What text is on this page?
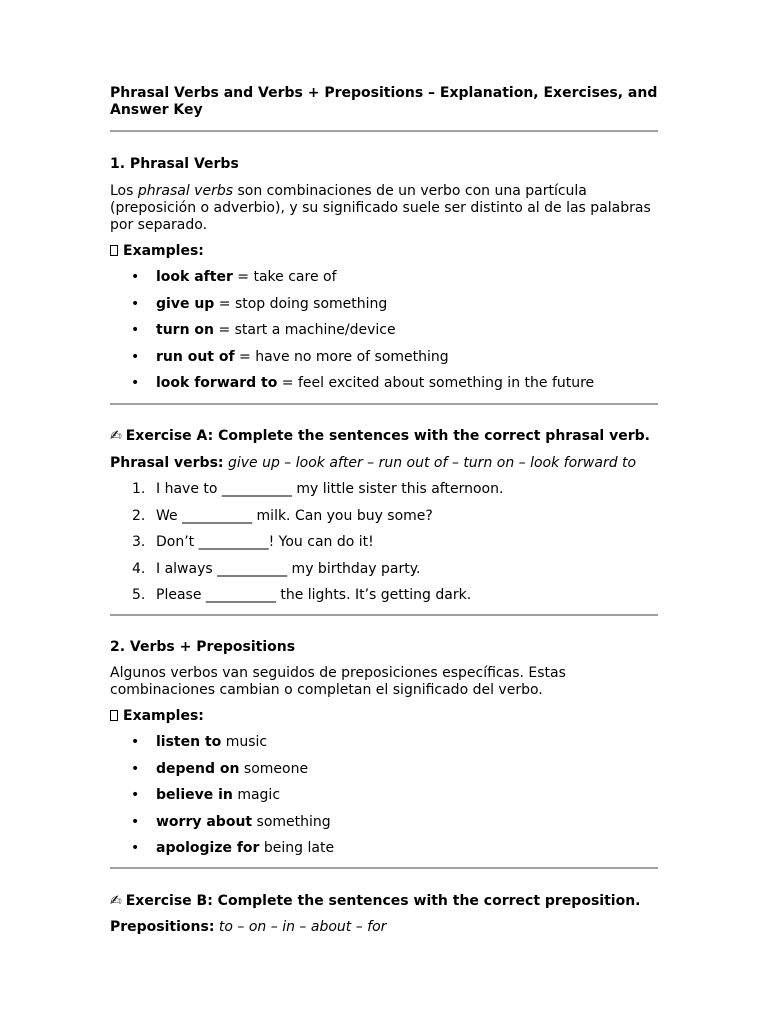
Phrasal Verbs and Verbs + Prepositions – Explanation, Exercises, and Answer Key
1. Phrasal Verbs
Los phrasal verbs son combinaciones de un verbo con una partícula (preposición o adverbio), y su significado suele ser distinto al de las palabras por separado.
Examples:
• look after = take care of
• give up = stop doing something
• turn on = start a machine/device
• run out of = have no more of something
• look forward to = feel excited about something in the future
✍ Exercise A: Complete the sentences with the correct phrasal verb.
Phrasal verbs: give up – look after – run out of – turn on – look forward to
1. I have to __________ my little sister this afternoon.
2. We __________ milk. Can you buy some?
3. Don’t __________! You can do it!
4. I always __________ my birthday party.
5. Please __________ the lights. It’s getting dark.
2. Verbs + Prepositions
Algunos verbos van seguidos de preposiciones específicas. Estas combinaciones cambian o completan el significado del verbo.
Examples:
• listen to music
• depend on someone
• believe in magic
• worry about something
• apologize for being late
✍ Exercise B: Complete the sentences with the correct preposition.
Prepositions: to – on – in – about – for
